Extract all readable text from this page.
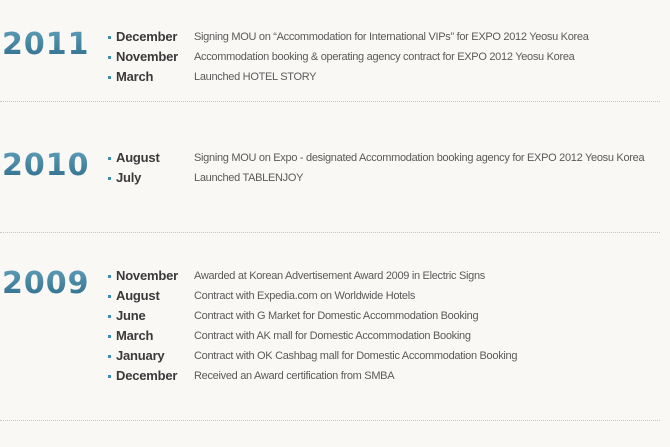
2011 December Signing MOU on “Accommodation for International VIPs” for EXPO 2012 Yeosu Korea
November Accommodation booking & operating agency contract for EXPO 2012 Yeosu Korea
March	Launched HOTEL STORY
2010 August	Signing MOU on Expo - designated Accommodation booking agency for EXPO 2012 Yeosu Korea
July	Launched TABLENJOY
2009 November Awarded at Korean Advertisement Award 2009 in Electric Signs
August	Contract with Expedia.com on Worldwide Hotels
June	Contract with G Market for Domestic Accommodation Booking
March	Contract with AK mall for Domestic Accommodation Booking
January	Contract with OK Cashbag mall for Domestic Accommodation Booking
December Received an Award certification from SMBA
